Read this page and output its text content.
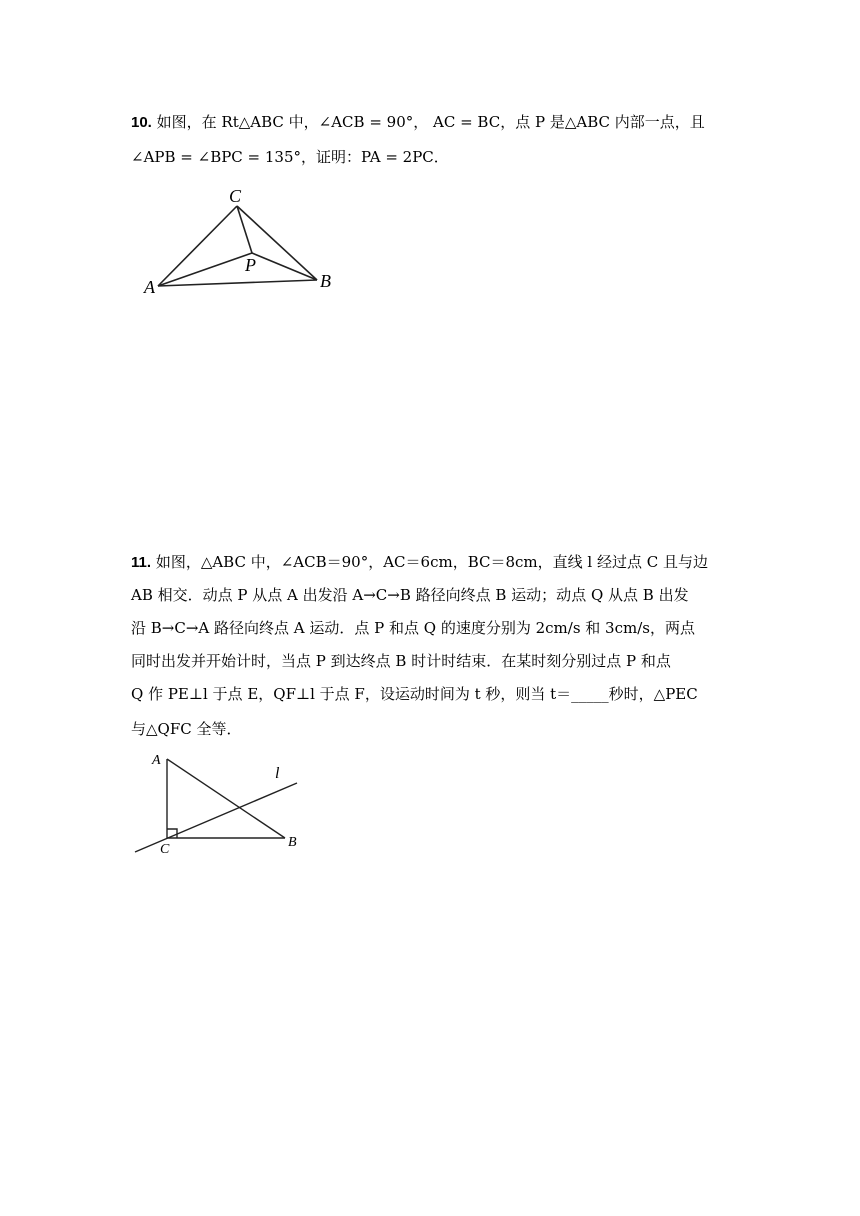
10. 如图，在 Rt△ABC 中，∠ACB = 90°， AC = BC，点 P 是△ABC 内部一点，且
∠APB = ∠BPC = 135°，证明：PA = 2PC．
C
P
A	B
11. 如图，△ABC 中，∠ACB＝90°，AC＝6cm，BC＝8cm，直线 l 经过点 C 且与边
AB 相交．动点 P 从点 A 出发沿 A→C→B 路径向终点 B 运动；动点 Q 从点 B 出发
沿 B→C→A 路径向终点 A 运动．点 P 和点 Q 的速度分别为 2cm/s 和 3cm/s，两点
同时出发并开始计时，当点 P 到达终点 B 时计时结束．在某时刻分别过点 P 和点
Q 作 PE⊥l 于点 E，QF⊥l 于点 F，设运动时间为 t 秒，则当 t＝_____秒时，△PEC
与△QFC 全等．
A
C	B
l
